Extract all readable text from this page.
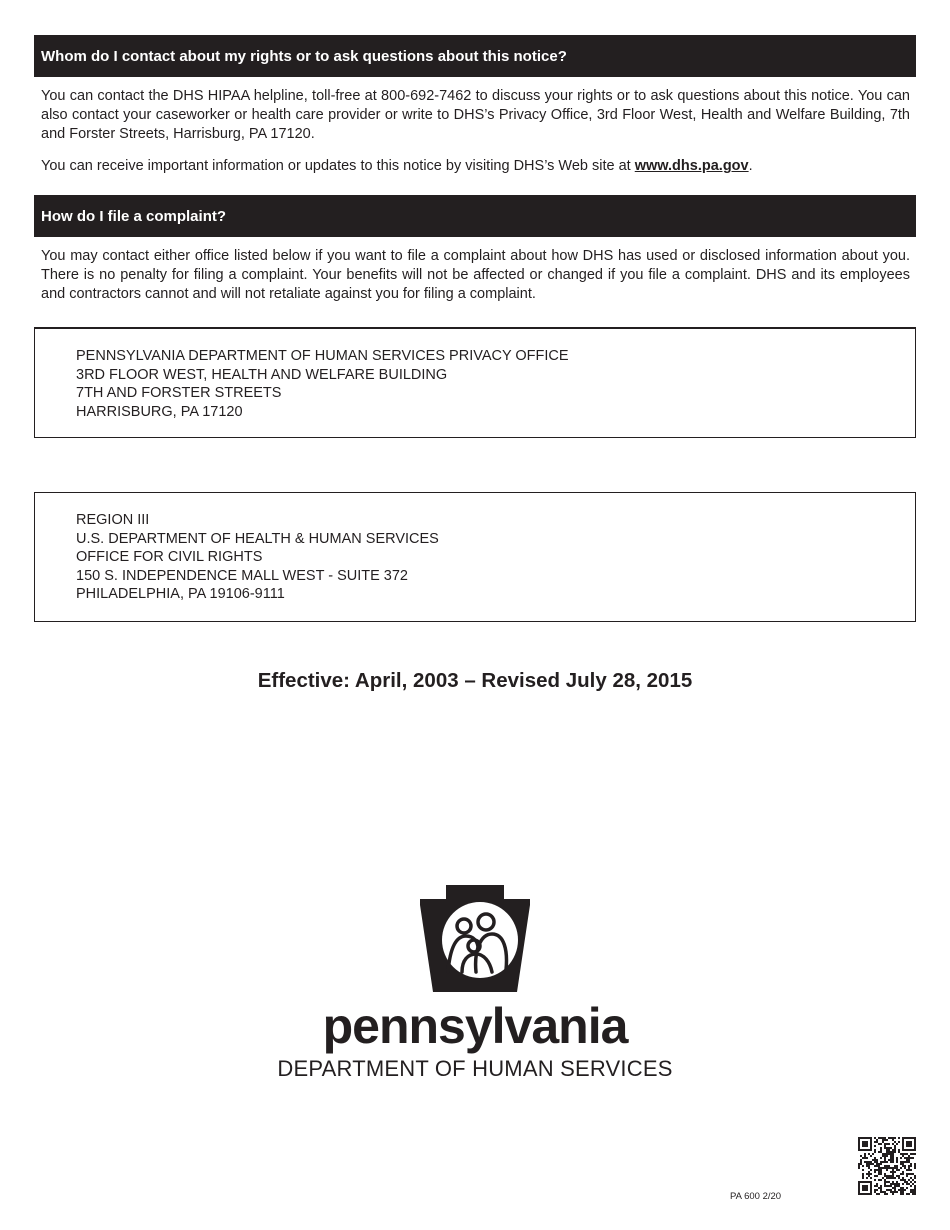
Whom do I contact about my rights or to ask questions about this notice?

You can contact the DHS HIPAA helpline, toll-free at 800-692-7462 to discuss your rights or to ask questions about this notice. You can also contact your caseworker or health care provider or write to DHS’s Privacy Office, 3rd Floor West, Health and Welfare Building, 7th and Forster Streets, Harrisburg, PA 17120.

You can receive important information or updates to this notice by visiting DHS’s Web site at www.dhs.pa.gov.

How do I file a complaint?

You may contact either office listed below if you want to file a complaint about how DHS has used or disclosed information about you. There is no penalty for filing a complaint. Your benefits will not be affected or changed if you file a complaint. DHS and its employees and contractors cannot and will not retaliate against you for filing a complaint.

PENNSYLVANIA DEPARTMENT OF HUMAN SERVICES PRIVACY OFFICE
3RD FLOOR WEST, HEALTH AND WELFARE BUILDING
7TH AND FORSTER STREETS
HARRISBURG, PA 17120
REGION III
U.S. DEPARTMENT OF HEALTH & HUMAN SERVICES
OFFICE FOR CIVIL RIGHTS
150 S. INDEPENDENCE MALL WEST - SUITE 372
PHILADELPHIA, PA 19106-9111

Effective: April, 2003 – Revised July 28, 2015

pennsylvania
DEPARTMENT OF HUMAN SERVICES
PA 600 2/20
